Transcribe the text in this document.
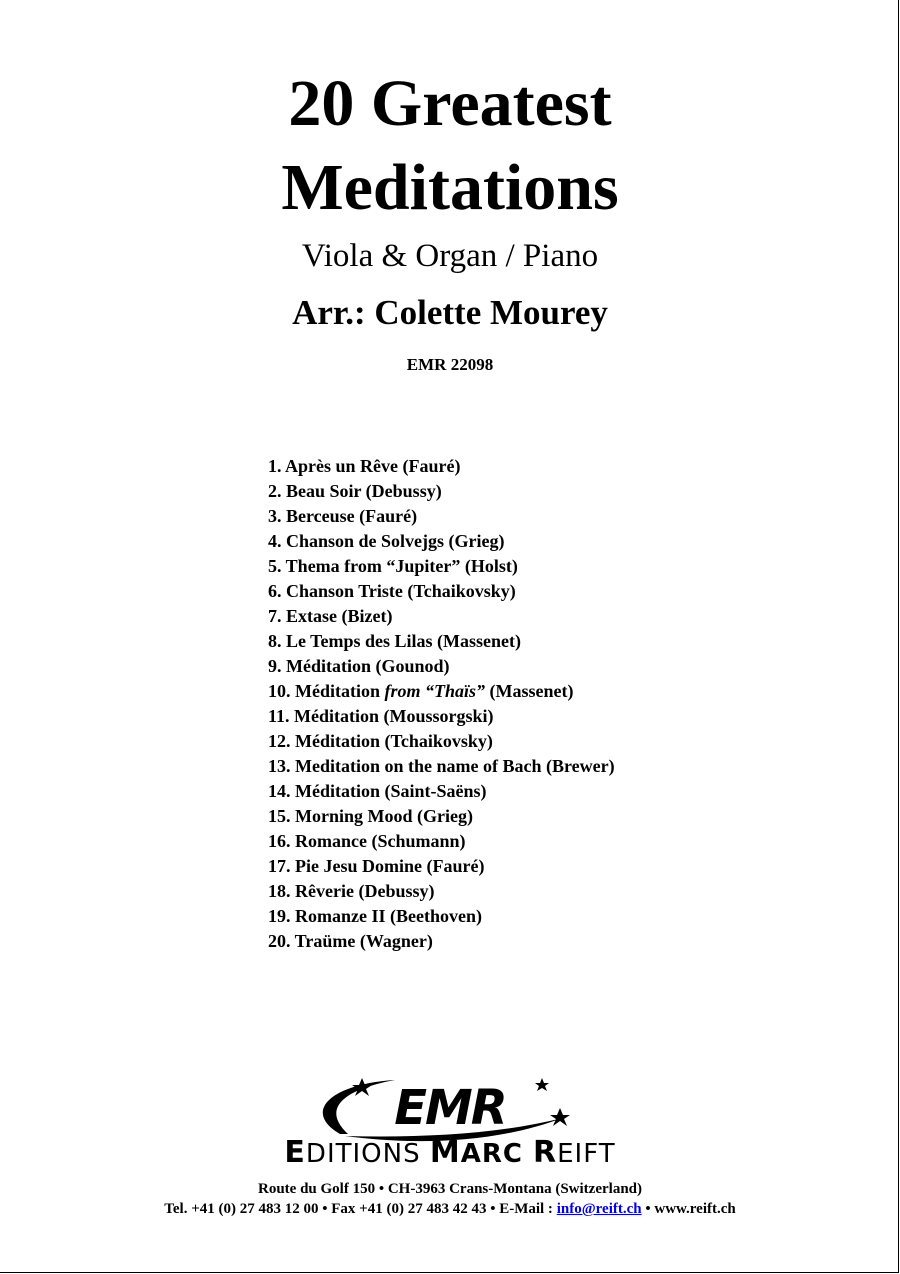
20 Greatest
Meditations
Viola & Organ / Piano
Arr.: Colette Mourey
EMR 22098
1. Après un Rêve (Fauré)
2. Beau Soir (Debussy)
3. Berceuse (Fauré)
4. Chanson de Solvejgs (Grieg)
5. Thema from “Jupiter” (Holst)
6. Chanson Triste (Tchaikovsky)
7. Extase (Bizet)
8. Le Temps des Lilas (Massenet)
9. Méditation (Gounod)
10. Méditation from “Thaïs” (Massenet)
11. Méditation (Moussorgski)
12. Méditation (Tchaikovsky)
13. Meditation on the name of Bach (Brewer)
14. Méditation (Saint-Saëns)
15. Morning Mood (Grieg)
16. Romance (Schumann)
17. Pie Jesu Domine (Fauré)
18. Rêverie (Debussy)
19. Romanze II (Beethoven)
20. Traüme (Wagner)
EMR
EDITIONS MARC REIFT
Route du Golf 150 • CH-3963 Crans-Montana (Switzerland)
Tel. +41 (0) 27 483 12 00 • Fax +41 (0) 27 483 42 43 • E-Mail : info@reift.ch • www.reift.ch
